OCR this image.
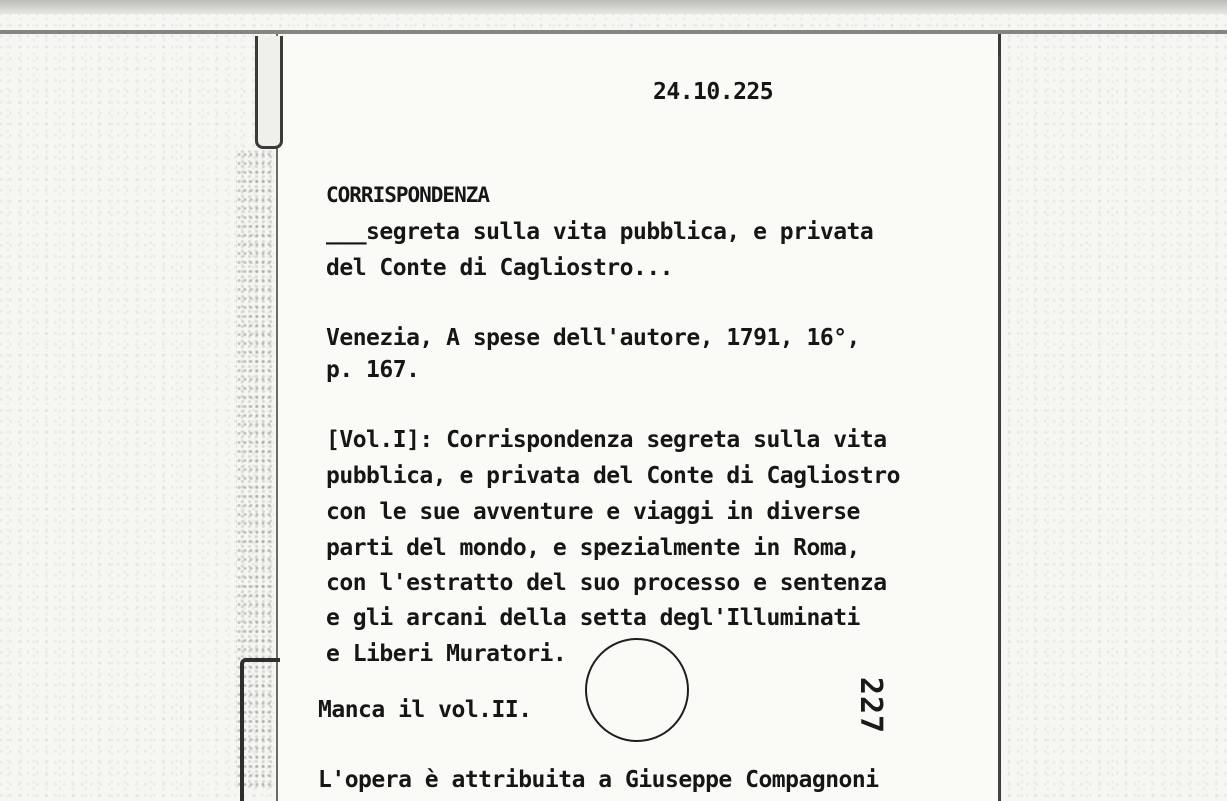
24.10.225
CORRISPONDENZA
___segreta sulla vita pubblica, e privata
del Conte di Cagliostro...
Venezia, A spese dell'autore, 1791, 16°,
p. 167.
[Vol.I]: Corrispondenza segreta sulla vita
pubblica, e privata del Conte di Cagliostro
con le sue avventure e viaggi in diverse
parti del mondo, e spezialmente in Roma,
con l'estratto del suo processo e sentenza
e gli arcani della setta degl'Illuminati
e Liberi Muratori.
Manca il vol.II.
L'opera è attribuita a Giuseppe Compagnoni
227
